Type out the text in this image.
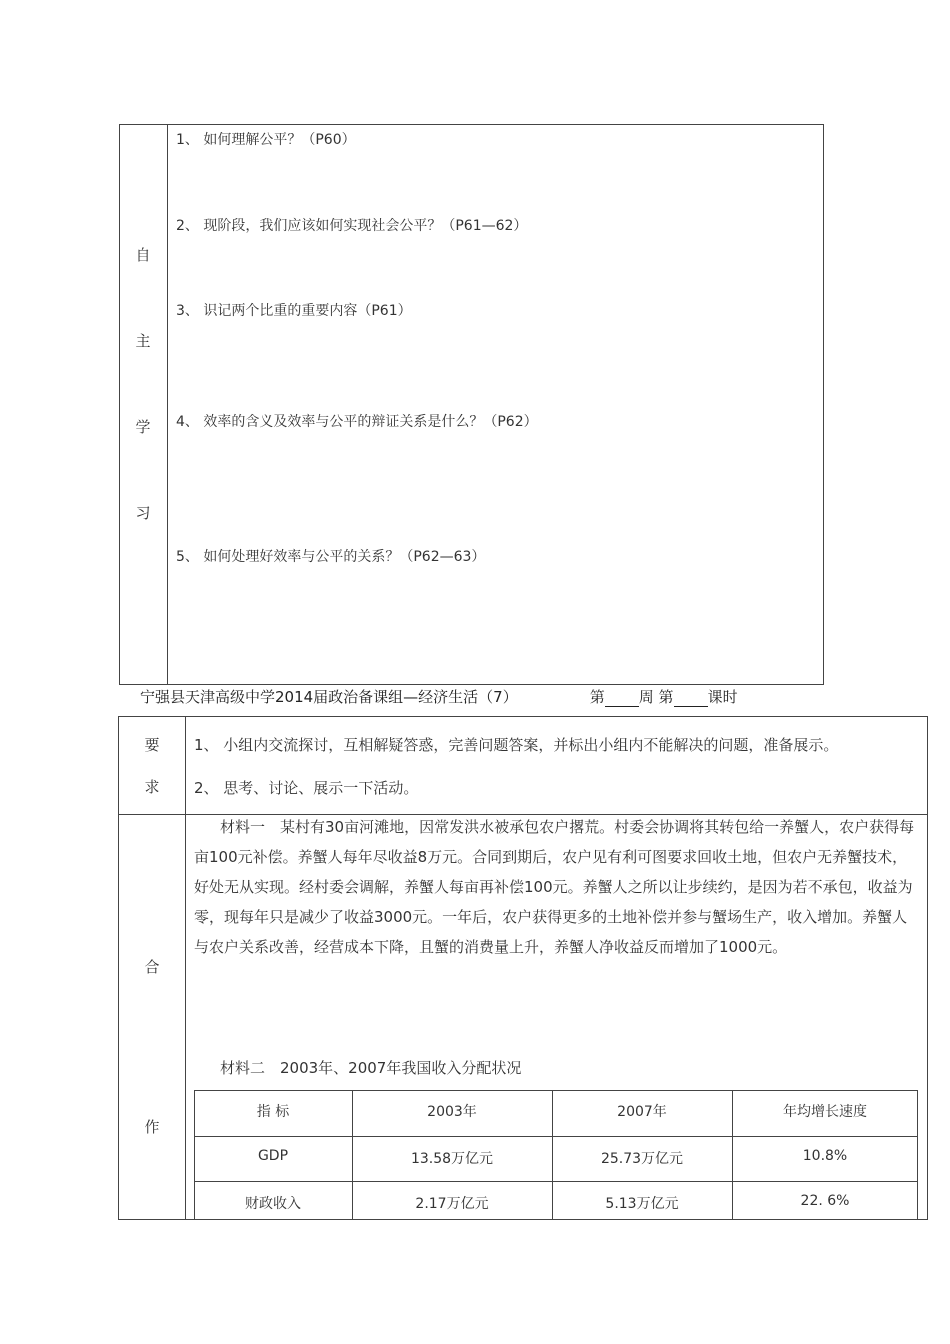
自
主
学
习
1、 如何理解公平？（P60）
2、 现阶段，我们应该如何实现社会公平？（P61—62）
3、 识记两个比重的重要内容（P61）
4、 效率的含义及效率与公平的辩证关系是什么？（P62）
5、 如何处理好效率与公平的关系？（P62—63）
宁强县天津高级中学2014届政治备课组—经济生活（7）	第 周 第 课时
要
求
1、 小组内交流探讨，互相解疑答惑，完善问题答案，并标出小组内不能解决的问题，准备展示。
2、 思考、讨论、展示一下活动。
合
作
材料一　某村有30亩河滩地，因常发洪水被承包农户撂荒。村委会协调将其转包给一养蟹人，农户获得每亩100元补偿。养蟹人每年尽收益8万元。合同到期后，农户见有利可图要求回收土地，但农户无养蟹技术，好处无从实现。经村委会调解，养蟹人每亩再补偿100元。养蟹人之所以让步续约，是因为若不承包，收益为零，现每年只是减少了收益3000元。一年后，农户获得更多的土地补偿并参与蟹场生产，收入增加。养蟹人与农户关系改善，经营成本下降，且蟹的消费量上升，养蟹人净收益反而增加了1000元。
材料二　2003年、2007年我国收入分配状况
指 标	2003年	2007年	年均增长速度
GDP	13.58万亿元	25.73万亿元	10.8%
财政收入	2.17万亿元	5.13万亿元	22. 6%
